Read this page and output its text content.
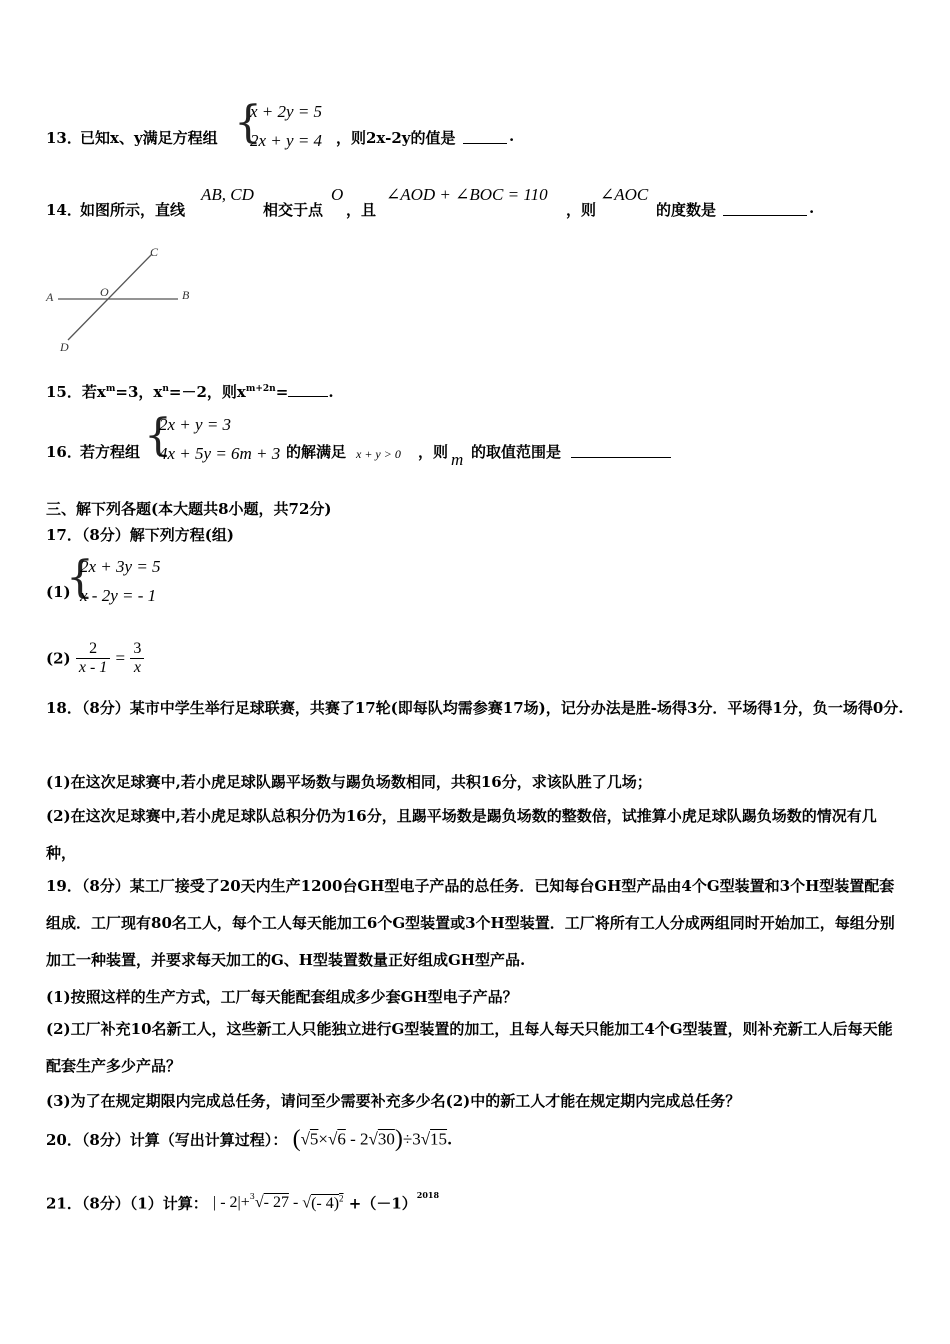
13．
已知x、y满足方程组 {
x + 2y = 5
2x + y = 4 ，则2x-2y的值是	.
14．
如图所示，直线
AB, CD
相交于点
O
，且
∠AOD + ∠BOC = 110
，则
∠AOC
的度数是	.
A	B
C
D
O
15．若$x^m=3$，$x^n=-2$，则$x^{m+2n}=$	.
16．
若方程组 {
2x + y = 3
4x + 5y = 6m + 3 的解满足 x + y > 0 ，则 m 的取值范围是
三、解下列各题(本大题共8小题，共72分)
17．（8分）解下列方程(组)
(1)
{
2x + 3y = 5
x - 2y = - 1
$(2) \frac{2}{x - 1} = \frac{3}{x}$
18．（8分）某市中学生举行足球联赛，共赛了17轮(即每队均需参赛17场)，记分办法是胜-场得3分．平场得1分，负一场得0分.
(1)在这次足球赛中,若小虎足球队踢平场数与踢负场数相同，共积16分，求该队胜了几场；
(2)在这次足球赛中,若小虎足球队总积分仍为16分，且踢平场数是踢负场数的整数倍，试推算小虎足球队踢负场数的情况有几种，
19．（8分）某工厂接受了20天内生产1200台GH型电子产品的总任务．已知每台GH型产品由4个G型装置和3个H型装置配套组成．工厂现有80名工人，每个工人每天能加工6个G型装置或3个H型装置．工厂将所有工人分成两组同时开始加工，每组分别加工一种装置，并要求每天加工的G、H型装置数量正好组成GH型产品.
(1)按照这样的生产方式，工厂每天能配套组成多少套GH型电子产品？
(2)工厂补充10名新工人，这些新工人只能独立进行G型装置的加工，且每人每天只能加工4个G型装置，则补充新工人后每天能配套生产多少产品？
(3)为了在规定期限内完成总任务，请问至少需要补充多少名(2)中的新工人才能在规定期内完成总任务？
20．（8分）计算（写出计算过程）： (√5×√6 - 2√30)÷3√15.
21．（8分）（1）计算： | - 2|+$^3$√- 27 - √(- $4)^2 +(-1)^{2018}$
